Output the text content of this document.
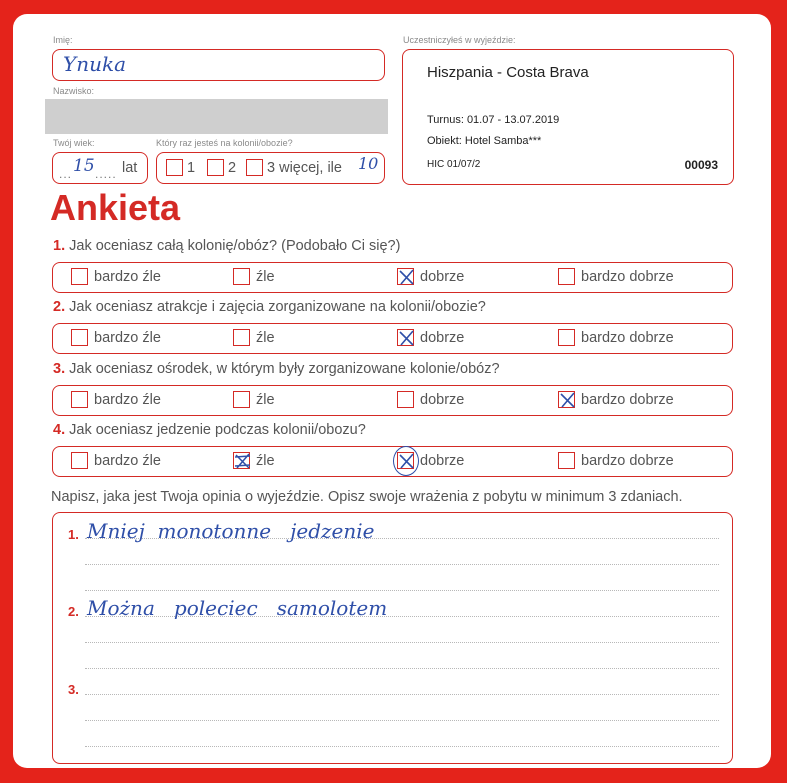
Imię:
Ynuka
Nazwisko:
Twój wiek:
... 15 ..... lat
Który raz jesteś na kolonii/obozie?
1 2 3 więcej, ile 10
Uczestniczyłeś w wyjeździe:
Hiszpania - Costa Brava
Turnus: 01.07 - 13.07.2019
Obiekt: Hotel Samba***
HIC 01/07/2	00093
Ankieta
1. Jak oceniasz całą kolonię/obóz? (Podobało Ci się?)
bardzo źle	źle	dobrze	bardzo dobrze
2. Jak oceniasz atrakcje i zajęcia zorganizowane na kolonii/obozie?
bardzo źle	źle	dobrze	bardzo dobrze
3. Jak oceniasz ośrodek, w którym były zorganizowane kolonie/obóz?
bardzo źle	źle	dobrze	bardzo dobrze
4. Jak oceniasz jedzenie podczas kolonii/obozu?
bardzo źle	źle	dobrze	bardzo dobrze
Napisz, jaka jest Twoja opinia o wyjeździe. Opisz swoje wrażenia z pobytu w minimum 3 zdaniach.
1. Mniej  monotonne   jedzenie
2. Można   poleciec   samolotem
3.
